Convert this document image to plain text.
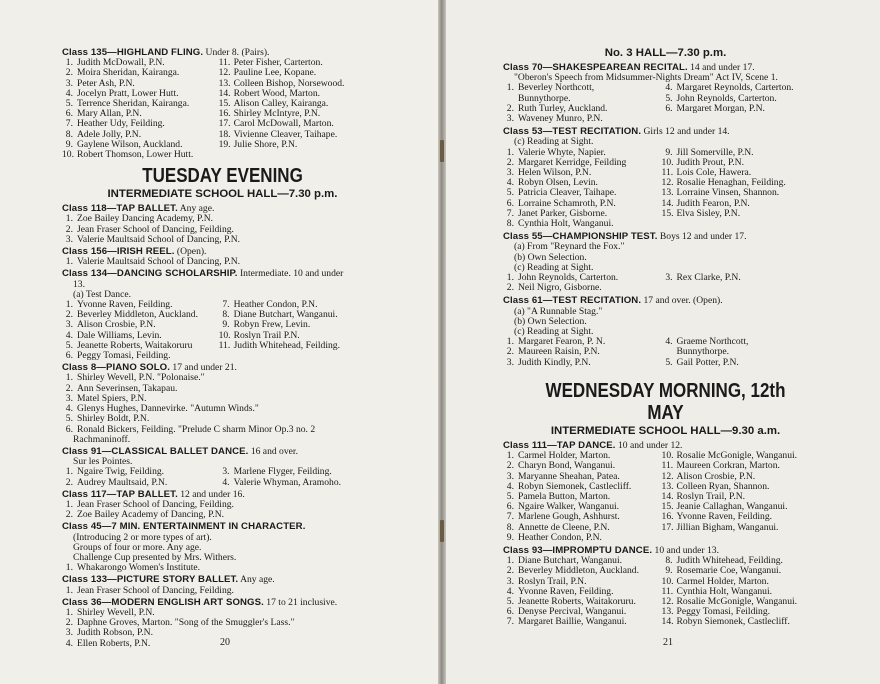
Class 135—HIGHLAND FLING. Under 8. (Pairs).
1. Judith McDowall, P.N.
2. Moira Sheridan, Kairanga.
3. Peter Ash, P.N.
4. Jocelyn Pratt, Lower Hutt.
5. Terrence Sheridan, Kairanga.
6. Mary Allan, P.N.
7. Heather Udy, Feilding.
8. Adele Jolly, P.N.
9. Gaylene Wilson, Auckland.
10. Robert Thomson, Lower Hutt.
11. Peter Fisher, Carterton.
12. Pauline Lee, Kopane.
13. Colleen Bishop, Norsewood.
14. Robert Wood, Marton.
15. Alison Calley, Kairanga.
16. Shirley McIntyre, P.N.
17. Carol McDowall, Marton.
18. Vivienne Cleaver, Taihape.
19. Julie Shore, P.N.
TUESDAY EVENING
INTERMEDIATE SCHOOL HALL—7.30 p.m.
Class 118—TAP BALLET. Any age.
1. Zoe Bailey Dancing Academy, P.N.
2. Jean Fraser School of Dancing, Feilding.
3. Valerie Maultsaid School of Dancing, P.N.
Class 156—IRISH REEL. (Open).
1. Valerie Maultsaid School of Dancing, P.N.
Class 134—DANCING SCHOLARSHIP. Intermediate. 10 and under
13.
(a) Test Dance.
1. Yvonne Raven, Feilding.
2. Beverley Middleton, Auckland.
3. Alison Crosbie, P.N.
4. Dale Williams, Levin.
5. Jeanette Roberts, Waitakoruru
6. Peggy Tomasi, Feilding.
7. Heather Condon, P.N.
8. Diane Butchart, Wanganui.
9. Robyn Frew, Levin.
10. Roslyn Trail P.N.
11. Judith Whitehead, Feilding.
Class 8—PIANO SOLO. 17 and under 21.
1. Shirley Wevell, P.N. "Polonaise."
2. Ann Severinsen, Takapau.
3. Matel Spiers, P.N.
4. Glenys Hughes, Dannevirke. "Autumn Winds."
5. Shirley Boldt, P.N.
6. Ronald Bickers, Feilding. "Prelude C sharm Minor Op.3 no. 2
Rachmaninoff.
Class 91—CLASSICAL BALLET DANCE. 16 and over.
Sur les Pointes.
1. Ngaire Twig, Feilding.
2. Audrey Maultsaid, P.N.
3. Marlene Flyger, Feilding.
4. Valerie Whyman, Aramoho.
Class 117—TAP BALLET. 12 and under 16.
1. Jean Fraser School of Dancing, Feilding.
2. Zoe Bailey Academy of Dancing, P.N.
Class 45—7 MIN. ENTERTAINMENT IN CHARACTER.
(Introducing 2 or more types of art).
Groups of four or more. Any age.
Challenge Cup presented by Mrs. Withers.
1. Whakarongo Women's Institute.
Class 133—PICTURE STORY BALLET. Any age.
1. Jean Fraser School of Dancing, Feilding.
Class 36—MODERN ENGLISH ART SONGS. 17 to 21 inclusive.
1. Shirley Wevell, P.N.
2. Daphne Groves, Marton. "Song of the Smuggler's Lass."
3. Judith Robson, P.N.
4. Ellen Roberts, P.N.	20
No. 3 HALL—7.30 p.m.
Class 70—SHAKESPEAREAN RECITAL. 14 and under 17.
"Oberon's Speech from Midsummer-Nights Dream" Act IV, Scene 1.
1. Beverley Northcott,
Bunnythorpe.
2. Ruth Turley, Auckland.
3. Waveney Munro, P.N.
4. Margaret Reynolds, Carterton.
5. John Reynolds, Carterton.
6. Margaret Morgan, P.N.
Class 53—TEST RECITATION. Girls 12 and under 14.
(c) Reading at Sight.
1. Valerie Whyte, Napier.
2. Margaret Kerridge, Feilding
3. Helen Wilson, P.N.
4. Robyn Olsen, Levin.
5. Patricia Cleaver, Taihape.
6. Lorraine Schamroth, P.N.
7. Janet Parker, Gisborne.
8. Cynthia Holt, Wanganui.
9. Jill Somerville, P.N.
10. Judith Prout, P.N.
11. Lois Cole, Hawera.
12. Rosalie Henaghan, Feilding.
13. Lorraine Vinsen, Shannon.
14. Judith Fearon, P.N.
15. Elva Sisley, P.N.
Class 55—CHAMPIONSHIP TEST. Boys 12 and under 17.
(a) From "Reynard the Fox."
(b) Own Selection.
(c) Reading at Sight.
1. John Reynolds, Carterton.
2. Neil Nigro, Gisborne.
3. Rex Clarke, P.N.
Class 61—TEST RECITATION. 17 and over. (Open).
(a) "A Runnable Stag."
(b) Own Selection.
(c) Reading at Sight.
1. Margaret Fearon, P. N.
2. Maureen Raisin, P.N.
3. Judith Kindly, P.N.
4. Graeme Northcott,
Bunnythorpe.
5. Gail Potter, P.N.
WEDNESDAY MORNING, 12th MAY
INTERMEDIATE SCHOOL HALL—9.30 a.m.
Class 111—TAP DANCE. 10 and under 12.
1. Carmel Holder, Marton.
2. Charyn Bond, Wanganui.
3. Maryanne Sheahan, Patea.
4. Robyn Siemonek, Castlecliff.
5. Pamela Button, Marton.
6. Ngaire Walker, Wanganui.
7. Marlene Gough, Ashhurst.
8. Annette de Cleene, P.N.
9. Heather Condon, P.N.
10. Rosalie McGonigle, Wanganui.
11. Maureen Corkran, Marton.
12. Alison Crosbie, P.N.
13. Colleen Ryan, Shannon.
14. Roslyn Trail, P.N.
15. Jeanie Callaghan, Wanganui.
16. Yvonne Raven, Feilding.
17. Jillian Bigham, Wanganui.
Class 93—IMPROMPTU DANCE. 10 and under 13.
1. Diane Butchart, Wanganui.
2. Beverley Middleton, Auckland.
3. Roslyn Trail, P.N.
4. Yvonne Raven, Feilding.
5. Jeanette Roberts, Waitakoruru.
6. Denyse Percival, Wanganui.
7. Margaret Baillie, Wanganui.
8. Judith Whitehead, Feilding.
9. Rosemarie Coe, Wanganui.
10. Carmel Holder, Marton.
11. Cynthia Holt, Wanganui.
12. Rosalie McGonigle, Wanganui.
13. Peggy Tomasi, Feilding.
14. Robyn Siemonek, Castlecliff.
21
